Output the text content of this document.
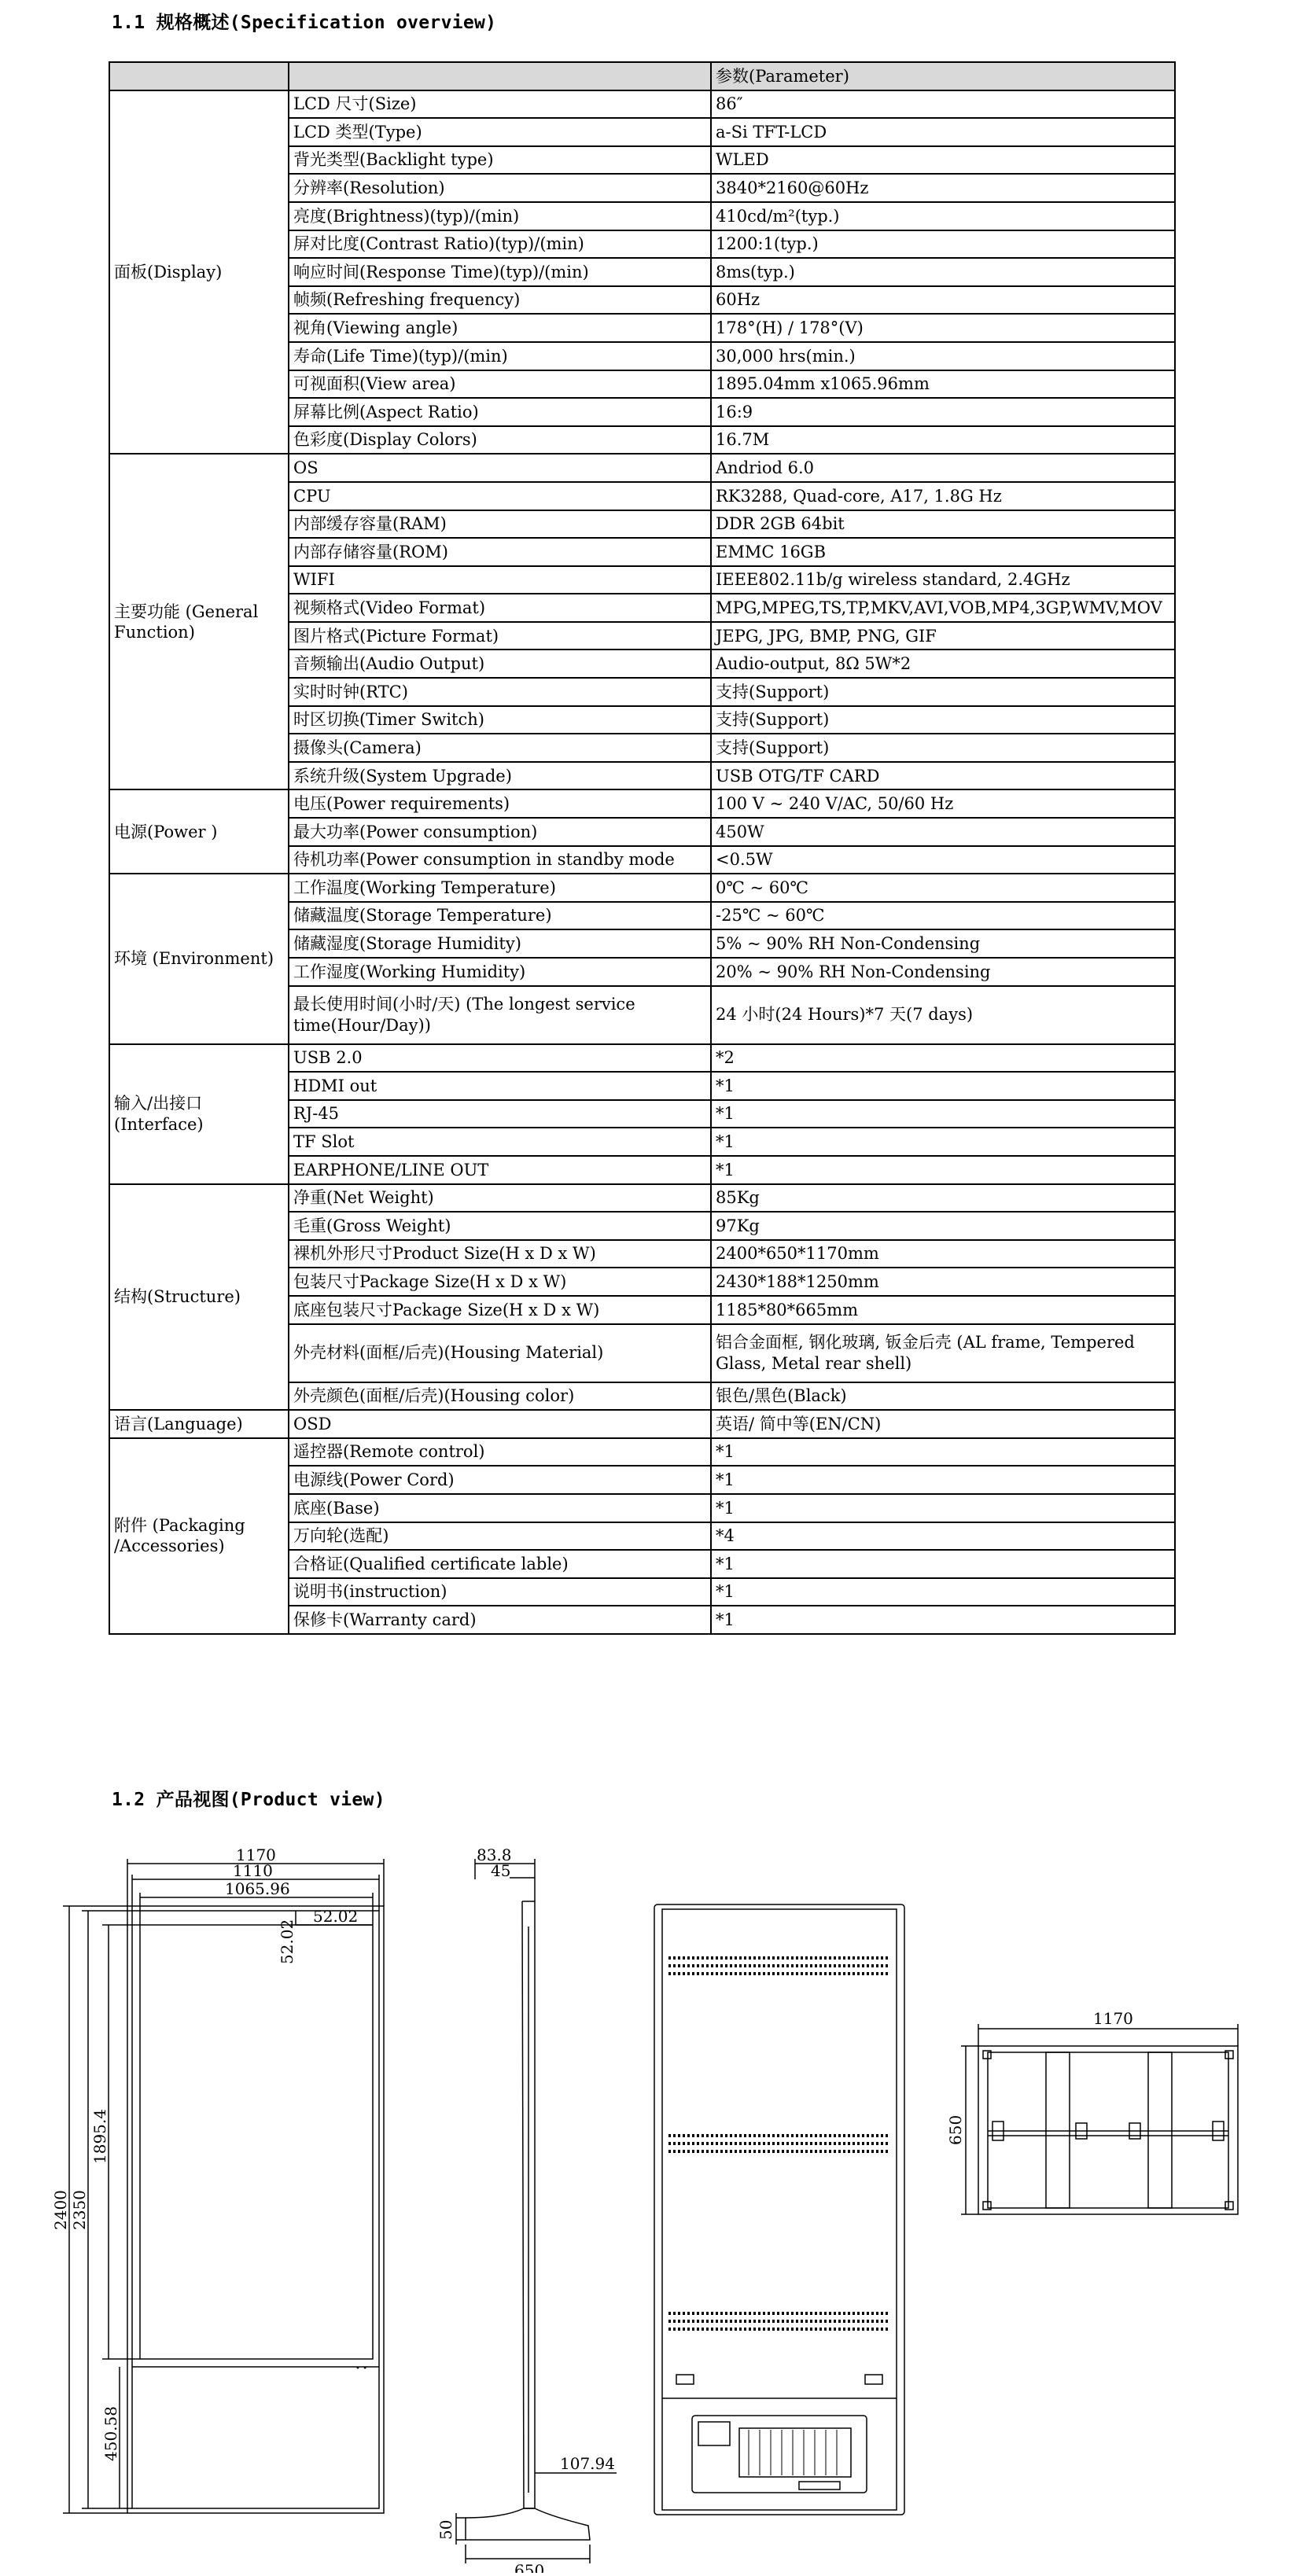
1.1 规格概述(Specification overview)
		参数(Parameter)
面板(Display)	LCD 尺寸(Size)	86″
	LCD 类型(Type)	a-Si TFT-LCD
	背光类型(Backlight type)	WLED
	分辨率(Resolution)	3840*2160@60Hz
	亮度(Brightness)(typ)/(min)	410cd/m²(typ.)
	屏对比度(Contrast Ratio)(typ)/(min)	1200:1(typ.)
	响应时间(Response Time)(typ)/(min)	8ms(typ.)
	帧频(Refreshing frequency)	60Hz
	视角(Viewing angle)	178°(H) / 178°(V)
	寿命(Life Time)(typ)/(min)	30,000 hrs(min.)
	可视面积(View area)	1895.04mm x1065.96mm
	屏幕比例(Aspect Ratio)	16:9
	色彩度(Display Colors)	16.7M
主要功能 (General Function)	OS	Andriod 6.0
	CPU	RK3288, Quad-core, A17, 1.8G Hz
	内部缓存容量(RAM)	DDR 2GB 64bit
	内部存储容量(ROM)	EMMC 16GB
	WIFI	IEEE802.11b/g wireless standard, 2.4GHz
	视频格式(Video Format)	MPG,MPEG,TS,TP,MKV,AVI,VOB,MP4,3GP,WMV,MOV
	图片格式(Picture Format)	JEPG, JPG, BMP, PNG, GIF
	音频输出(Audio Output)	Audio-output, 8Ω 5W*2
	实时时钟(RTC)	支持(Support)
	时区切换(Timer Switch)	支持(Support)
	摄像头(Camera)	支持(Support)
	系统升级(System Upgrade)	USB OTG/TF CARD
电源(Power )	电压(Power requirements)	100 V ~ 240 V/AC, 50/60 Hz
	最大功率(Power consumption)	450W
	待机功率(Power consumption in standby mode	<0.5W
环境 (Environment)	工作温度(Working Temperature)	0℃ ~ 60℃
	储藏温度(Storage Temperature)	-25℃ ~ 60℃
	储藏湿度(Storage Humidity)	5% ~ 90% RH Non-Condensing
	工作湿度(Working Humidity)	20% ~ 90% RH Non-Condensing
	最长使用时间(小时/天) (The longest service time(Hour/Day))	24 小时(24 Hours)*7 天(7 days)
输入/出接口 (Interface)	USB 2.0	*2
	HDMI out	*1
	RJ-45	*1
	TF Slot	*1
	EARPHONE/LINE OUT	*1
结构(Structure)	净重(Net Weight)	85Kg
	毛重(Gross Weight)	97Kg
	裸机外形尺寸Product Size(H x D x W)	2400*650*1170mm
	包装尺寸Package Size(H x D x W)	2430*188*1250mm
	底座包装尺寸Package Size(H x D x W)	1185*80*665mm
	外壳材料(面框/后壳)(Housing Material)	铝合金面框, 钢化玻璃, 钣金后壳 (AL frame, Tempered Glass, Metal rear shell)
	外壳颜色(面框/后壳)(Housing color)	银色/黑色(Black)
语言(Language)	OSD	英语/ 简中等(EN/CN)
附件 (Packaging /Accessories)	遥控器(Remote control)	*1
	电源线(Power Cord)	*1
	底座(Base)	*1
	万向轮(选配)	*4
	合格证(Qualified certificate lable)	*1
	说明书(instruction)	*1
	保修卡(Warranty card)	*1
1.2 产品视图(Product view)
• •
1170
1110
1065.96
52.02
52.02
2400 2350
1895.4
450.58
83.8
45
107.94
50
650
1170
650
